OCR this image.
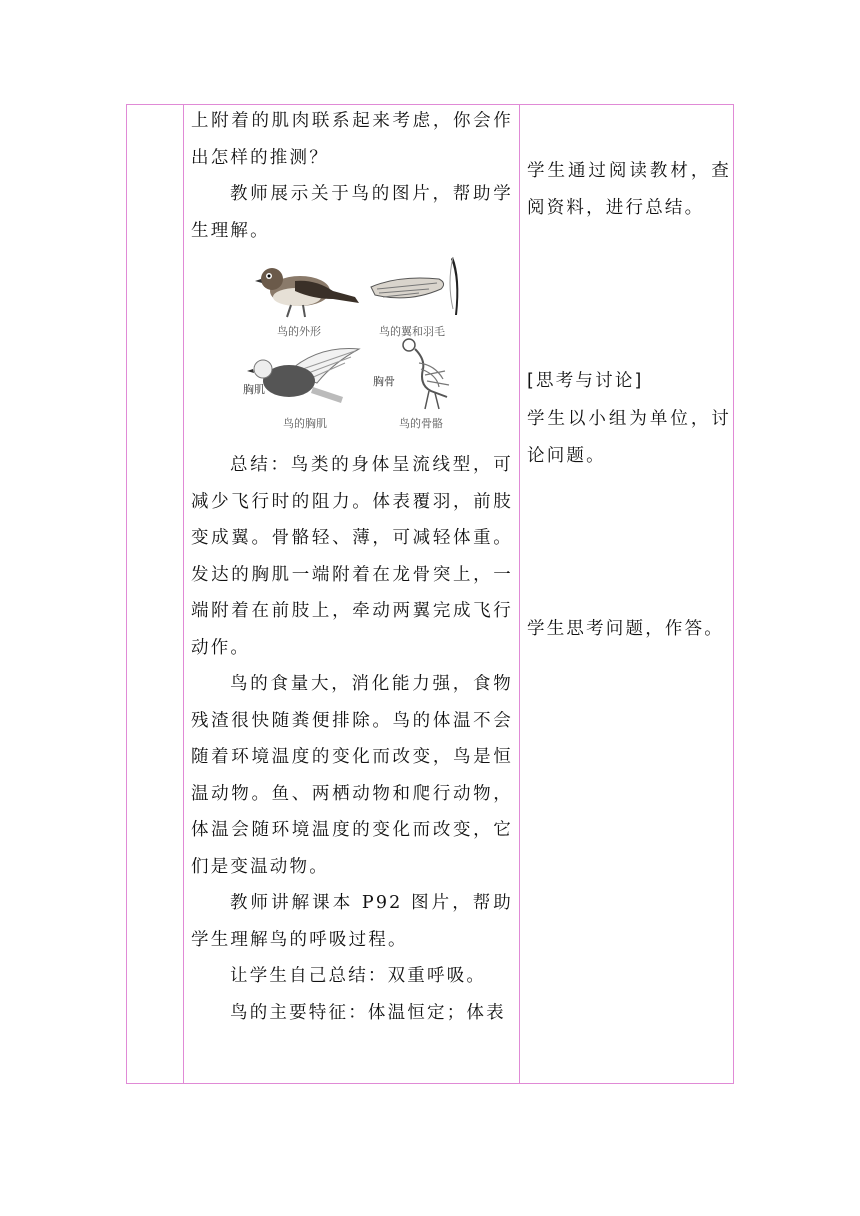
上附着的肌肉联系起来考虑，你会作出怎样的推测？

教师展示关于鸟的图片，帮助学生理解。

鸟的外形	鸟的翼和羽毛
胸肌
鸟的胸肌
胸骨
鸟的骨骼

总结：鸟类的身体呈流线型，可减少飞行时的阻力。体表覆羽，前肢变成翼。骨骼轻、薄，可减轻体重。发达的胸肌一端附着在龙骨突上，一端附着在前肢上，牵动两翼完成飞行动作。

鸟的食量大，消化能力强，食物残渣很快随粪便排除。鸟的体温不会随着环境温度的变化而改变，鸟是恒温动物。鱼、两栖动物和爬行动物，体温会随环境温度的变化而改变，它们是变温动物。

教师讲解课本 P92 图片，帮助学生理解鸟的呼吸过程。

让学生自己总结：双重呼吸。

鸟的主要特征：体温恒定；体表

学生通过阅读教材，查阅资料，进行总结。

[思考与讨论]

学生以小组为单位，讨论问题。

学生思考问题，作答。
